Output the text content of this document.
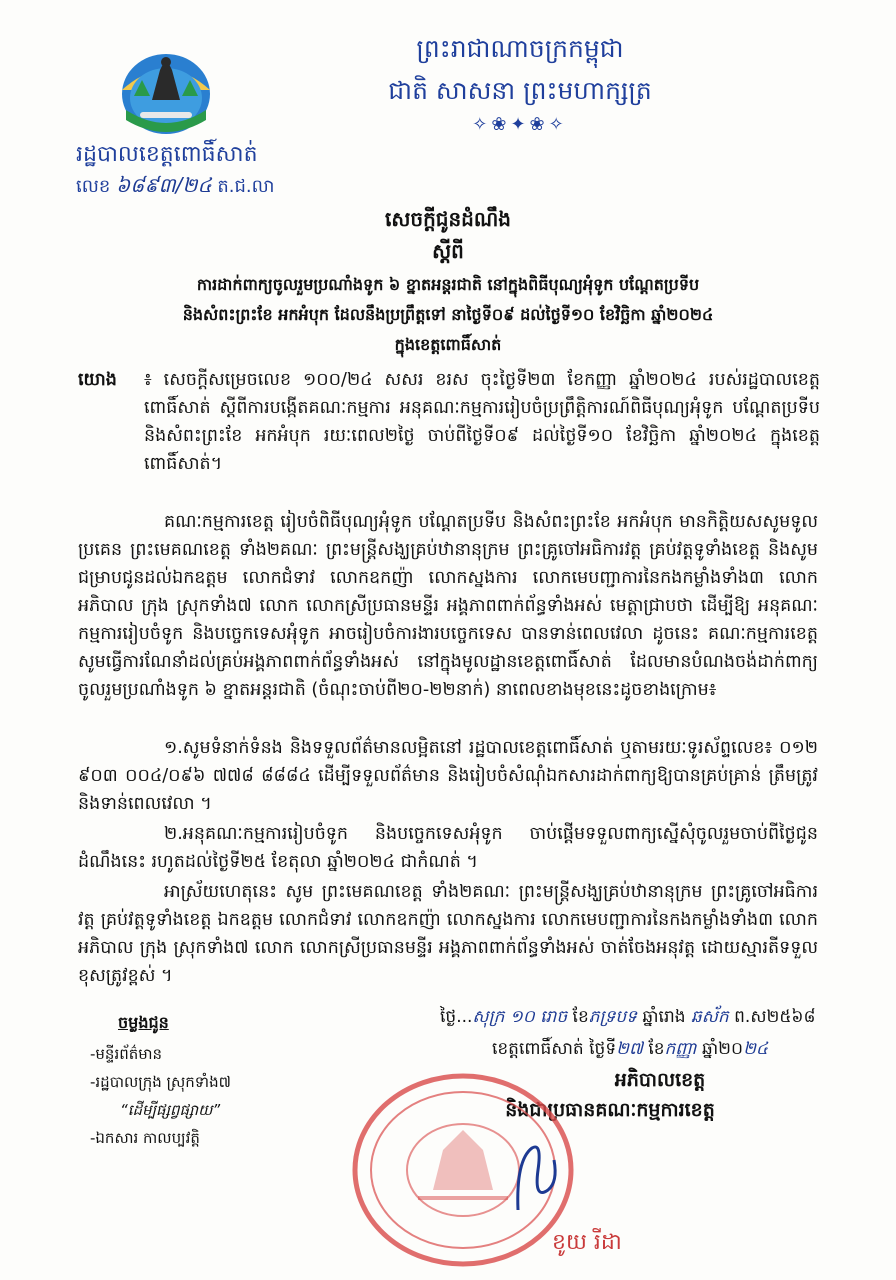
ព្រះរាជាណាចក្រកម្ពុជា
ជាតិ សាសនា ព្រះមហាក្សត្រ
✧❀✦❀✧
រដ្ឋបាលខេត្តពោធិ៍សាត់
លេខ ៦៨៩៣/២៤ ត.ជ.លា
សេចក្ដីជូនដំណឹង
ស្ដីពី
ការដាក់ពាក្យចូលរួមប្រណាំងទូក ៦ ខ្នាតអន្តរជាតិ នៅក្នុងពិធីបុណ្យអុំទូក បណ្ដែតប្រទីប
និងសំពះព្រះខែ អកអំបុក ដែលនឹងប្រព្រឹត្តទៅ នាថ្ងៃទី០៩ ដល់ថ្ងៃទី១០ ខែវិច្ឆិកា ឆ្នាំ២០២៤
ក្នុងខេត្តពោធិ៍សាត់
យោង ៖ សេចក្ដីសម្រេចលេខ ១០០/២៤ សសរ ខរស ចុះថ្ងៃទី២៣ ខែកញ្ញា ឆ្នាំ២០២៤ របស់រដ្ឋបាលខេត្តពោធិ៍សាត់ ស្ដីពីការបង្កើតគណៈកម្មការ អនុគណៈកម្មការរៀបចំប្រព្រឹត្តិការណ៍ពិធីបុណ្យអុំទូក បណ្ដែតប្រទីប និងសំពះព្រះខែ អកអំបុក រយៈពេល២ថ្ងៃ ចាប់ពីថ្ងៃទី០៩ ដល់ថ្ងៃទី១០ ខែវិច្ឆិកា ឆ្នាំ២០២៤ ក្នុងខេត្តពោធិ៍សាត់។
គណៈកម្មការខេត្ត រៀបចំពិធីបុណ្យអុំទូក បណ្ដែតប្រទីប និងសំពះព្រះខែ អកអំបុក មានកិត្តិយសសូមទូលប្រគេន ព្រះមេគណខេត្ត ទាំង២គណៈ ព្រះមន្ត្រីសង្ឃគ្រប់ឋានានុក្រម ព្រះគ្រូចៅអធិការវត្ត គ្រប់វត្តទូទាំងខេត្ត និងសូមជម្រាបជូនដល់ឯកឧត្តម លោកជំទាវ លោកឧកញ៉ា លោកស្នងការ លោកមេបញ្ជាការនៃកងកម្លាំងទាំង៣ លោកអភិបាល ក្រុង ស្រុកទាំង៧ លោក លោកស្រីប្រធានមន្ទីរ អង្គភាពពាក់ព័ន្ធទាំងអស់ មេត្តាជ្រាបថា ដើម្បីឱ្យ អនុគណៈកម្មការរៀបចំទូក និងបច្ចេកទេសអុំទូក អាចរៀបចំការងារបច្ចេកទេស បានទាន់ពេលវេលា ដូចនេះ គណៈកម្មការខេត្ត សូមធ្វើការណែនាំដល់គ្រប់អង្គភាពពាក់ព័ន្ធទាំងអស់ នៅក្នុងមូលដ្ឋានខេត្តពោធិ៍សាត់ ដែលមានបំណងចង់ដាក់ពាក្យចូលរួមប្រណាំងទូក ៦ ខ្នាតអន្តរជាតិ (ចំណុះចាប់ពី២០-២២នាក់) នាពេលខាងមុខនេះដូចខាងក្រោម៖
១.សូមទំនាក់ទំនង និងទទួលព័ត៌មានលម្អិតនៅ រដ្ឋបាលខេត្តពោធិ៍សាត់ ឬតាមរយៈទូរស័ព្ទលេខ៖ ០១២ ៩០៣ ០០៤/០៩៦ ៧៧៨ ៨៨៨៤ ដើម្បីទទួលព័ត៌មាន និងរៀបចំសំណុំឯកសារដាក់ពាក្យឱ្យបានគ្រប់គ្រាន់ ត្រឹមត្រូវ និងទាន់ពេលវេលា ។
២.អនុគណៈកម្មការរៀបចំទូក និងបច្ចេកទេសអុំទូក ចាប់ផ្ដើមទទួលពាក្យស្នើសុំចូលរួមចាប់ពីថ្ងៃជូនដំណឹងនេះ រហូតដល់ថ្ងៃទី២៥ ខែតុលា ឆ្នាំ២០២៤ ជាកំណត់ ។
អាស្រ័យហេតុនេះ សូម ព្រះមេគណខេត្ត ទាំង២គណៈ ព្រះមន្ត្រីសង្ឃគ្រប់ឋានានុក្រម ព្រះគ្រូចៅអធិការវត្ត គ្រប់វត្តទូទាំងខេត្ត ឯកឧត្តម លោកជំទាវ លោកឧកញ៉ា លោកស្នងការ លោកមេបញ្ជាការនៃកងកម្លាំងទាំង៣ លោកអភិបាល ក្រុង ស្រុកទាំង៧ លោក លោកស្រីប្រធានមន្ទីរ អង្គភាពពាក់ព័ន្ធទាំងអស់ ចាត់ចែងអនុវត្ត ដោយស្មារតីទទួលខុសត្រូវខ្ពស់ ។
ថ្ងៃ...សុក្រ ១០ រោច ខែភទ្របទ ឆ្នាំរោង ឆស័ក ព.ស២៥៦៨
ខេត្តពោធិ៍សាត់ ថ្ងៃទី២៧ ខែកញ្ញា ឆ្នាំ២០២៤
អភិបាលខេត្ត
និងជាប្រធានគណៈកម្មការខេត្ត
ខូយ រីដា
ចម្លងជូន
-មន្ទីរព័ត៌មាន
-រដ្ឋបាលក្រុង ស្រុកទាំង៧
“ដើម្បីផ្សព្វផ្សាយ”
-ឯកសារ កាលប្បវត្តិ
